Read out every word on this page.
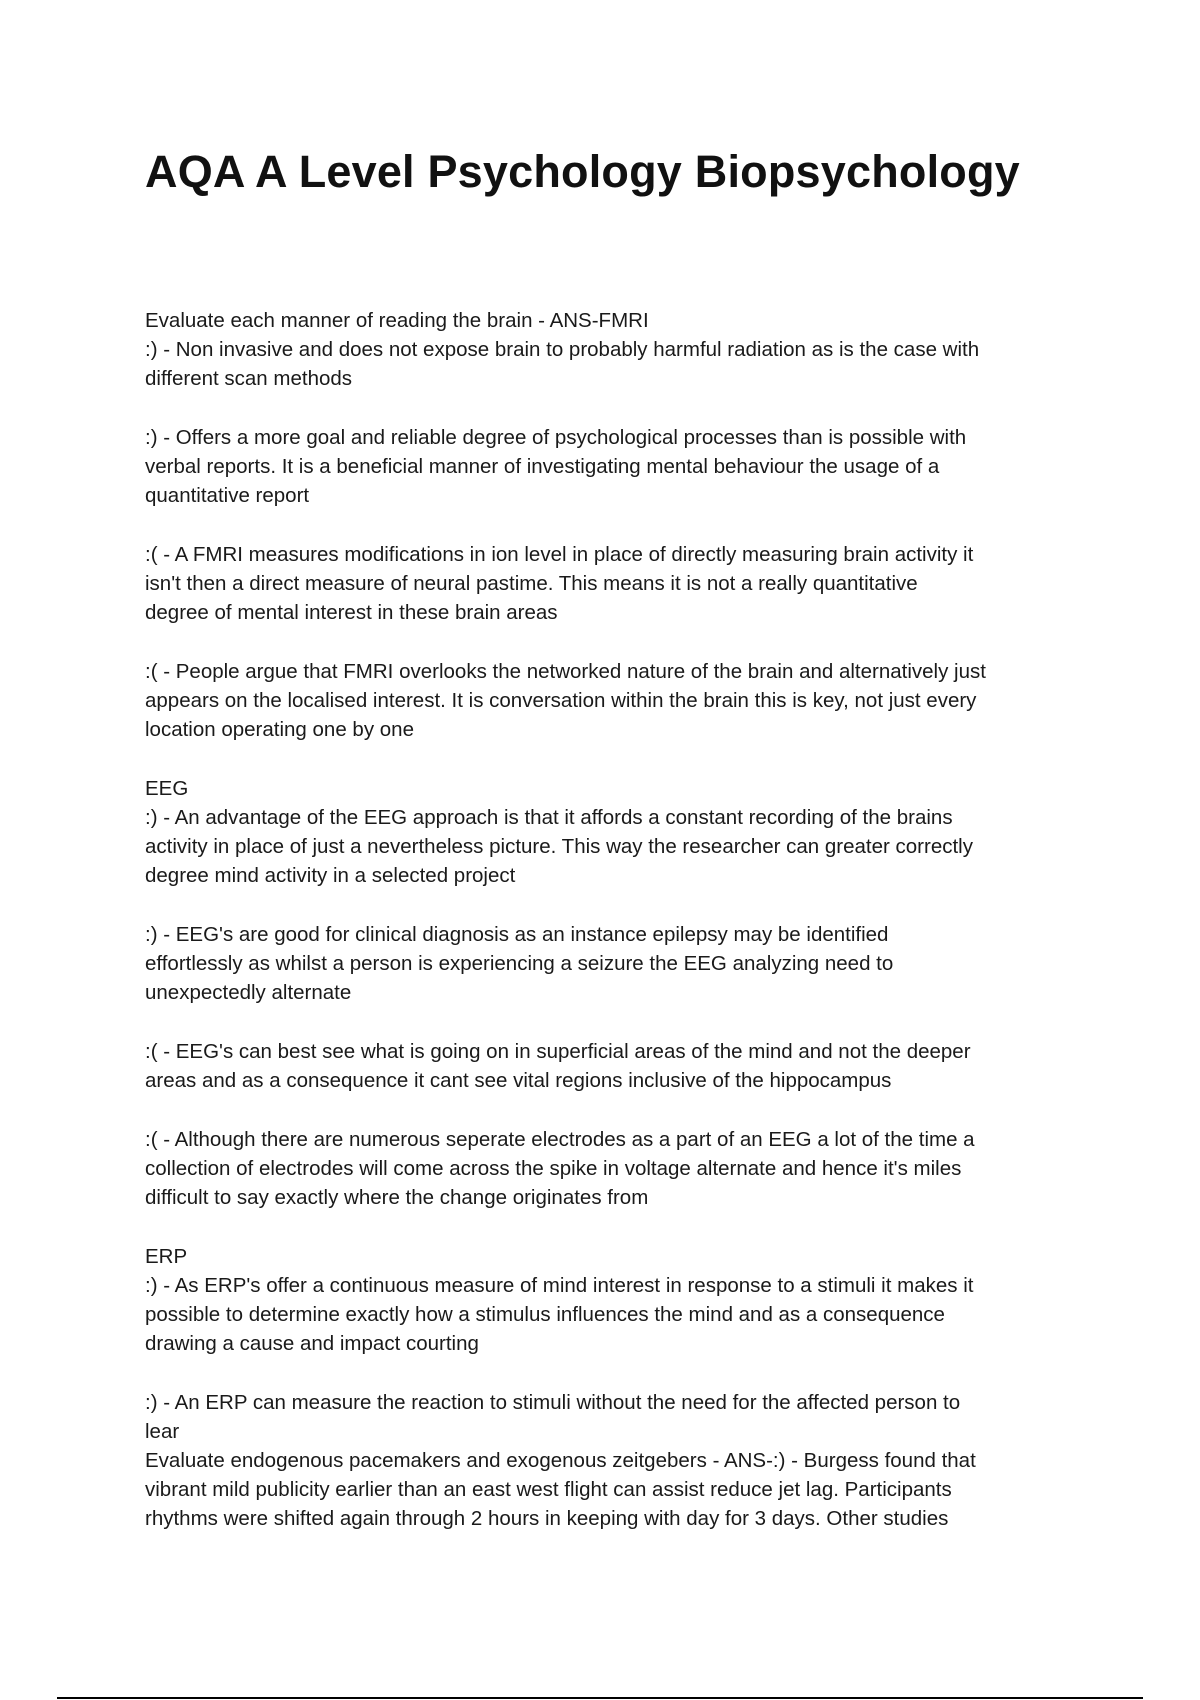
AQA A Level Psychology Biopsychology
Evaluate each manner of reading the brain - ANS-FMRI
:) - Non invasive and does not expose brain to probably harmful radiation as is the case with
different scan methods
:) - Offers a more goal and reliable degree of psychological processes than is possible with
verbal reports. It is a beneficial manner of investigating mental behaviour the usage of a
quantitative report
:( - A FMRI measures modifications in ion level in place of directly measuring brain activity it
isn't then a direct measure of neural pastime. This means it is not a really quantitative
degree of mental interest in these brain areas
:( - People argue that FMRI overlooks the networked nature of the brain and alternatively just
appears on the localised interest. It is conversation within the brain this is key, not just every
location operating one by one
EEG
:) - An advantage of the EEG approach is that it affords a constant recording of the brains
activity in place of just a nevertheless picture. This way the researcher can greater correctly
degree mind activity in a selected project
:) - EEG's are good for clinical diagnosis as an instance epilepsy may be identified
effortlessly as whilst a person is experiencing a seizure the EEG analyzing need to
unexpectedly alternate
:( - EEG's can best see what is going on in superficial areas of the mind and not the deeper
areas and as a consequence it cant see vital regions inclusive of the hippocampus
:( - Although there are numerous seperate electrodes as a part of an EEG a lot of the time a
collection of electrodes will come across the spike in voltage alternate and hence it's miles
difficult to say exactly where the change originates from
ERP
:) - As ERP's offer a continuous measure of mind interest in response to a stimuli it makes it
possible to determine exactly how a stimulus influences the mind and as a consequence
drawing a cause and impact courting
:) - An ERP can measure the reaction to stimuli without the need for the affected person to
lear
Evaluate endogenous pacemakers and exogenous zeitgebers - ANS-:) - Burgess found that
vibrant mild publicity earlier than an east west flight can assist reduce jet lag. Participants
rhythms were shifted again through 2 hours in keeping with day for 3 days. Other studies
